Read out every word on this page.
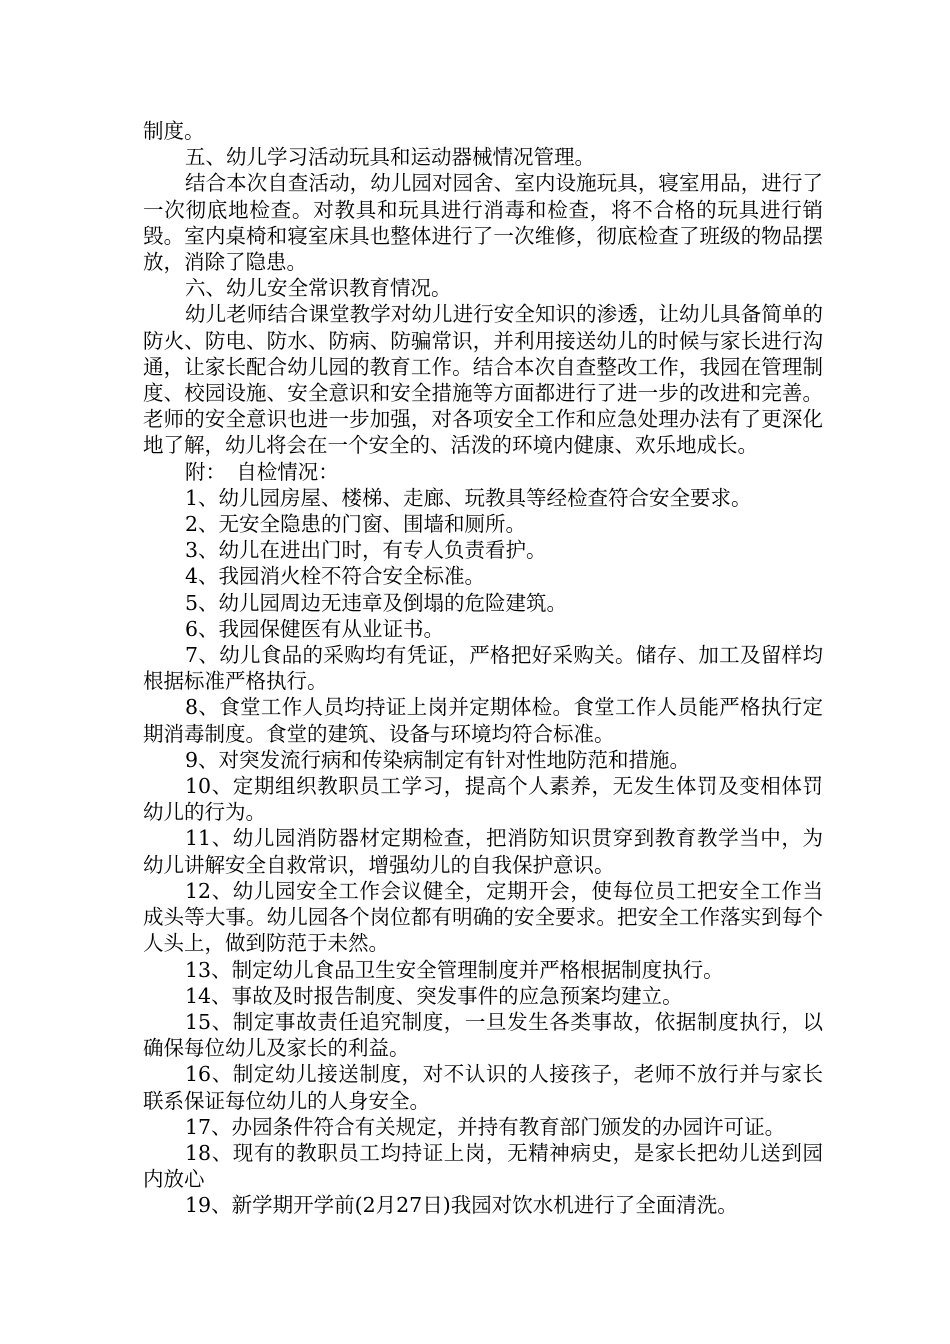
制度。

五、幼儿学习活动玩具和运动器械情况管理。

结合本次自查活动，幼儿园对园舍、室内设施玩具，寝室用品，进行了一次彻底地检查。对教具和玩具进行消毒和检查，将不合格的玩具进行销毁。室内桌椅和寝室床具也整体进行了一次维修，彻底检查了班级的物品摆放，消除了隐患。

六、幼儿安全常识教育情况。

幼儿老师结合课堂教学对幼儿进行安全知识的渗透，让幼儿具备简单的防火、防电、防水、防病、防骗常识，并利用接送幼儿的时候与家长进行沟通，让家长配合幼儿园的教育工作。结合本次自查整改工作，我园在管理制度、校园设施、安全意识和安全措施等方面都进行了进一步的改进和完善。老师的安全意识也进一步加强，对各项安全工作和应急处理办法有了更深化地了解，幼儿将会在一个安全的、活泼的环境内健康、欢乐地成长。

附：　自检情况：

1、幼儿园房屋、楼梯、走廊、玩教具等经检查符合安全要求。

2、无安全隐患的门窗、围墙和厕所。

3、幼儿在进出门时，有专人负责看护。

4、我园消火栓不符合安全标准。

5、幼儿园周边无违章及倒塌的危险建筑。

6、我园保健医有从业证书。

7、幼儿食品的采购均有凭证，严格把好采购关。储存、加工及留样均根据标准严格执行。

8、食堂工作人员均持证上岗并定期体检。食堂工作人员能严格执行定期消毒制度。食堂的建筑、设备与环境均符合标准。

9、对突发流行病和传染病制定有针对性地防范和措施。

10、定期组织教职员工学习，提高个人素养，无发生体罚及变相体罚幼儿的行为。

11、幼儿园消防器材定期检查，把消防知识贯穿到教育教学当中，为幼儿讲解安全自救常识，增强幼儿的自我保护意识。

12、幼儿园安全工作会议健全，定期开会，使每位员工把安全工作当成头等大事。幼儿园各个岗位都有明确的安全要求。把安全工作落实到每个人头上，做到防范于未然。

13、制定幼儿食品卫生安全管理制度并严格根据制度执行。

14、事故及时报告制度、突发事件的应急预案均建立。

15、制定事故责任追究制度，一旦发生各类事故，依据制度执行，以确保每位幼儿及家长的利益。

16、制定幼儿接送制度，对不认识的人接孩子，老师不放行并与家长联系保证每位幼儿的人身安全。

17、办园条件符合有关规定，并持有教育部门颁发的办园许可证。

18、现有的教职员工均持证上岗，无精神病史，是家长把幼儿送到园内放心

19、新学期开学前(2月27日)我园对饮水机进行了全面清洗。
